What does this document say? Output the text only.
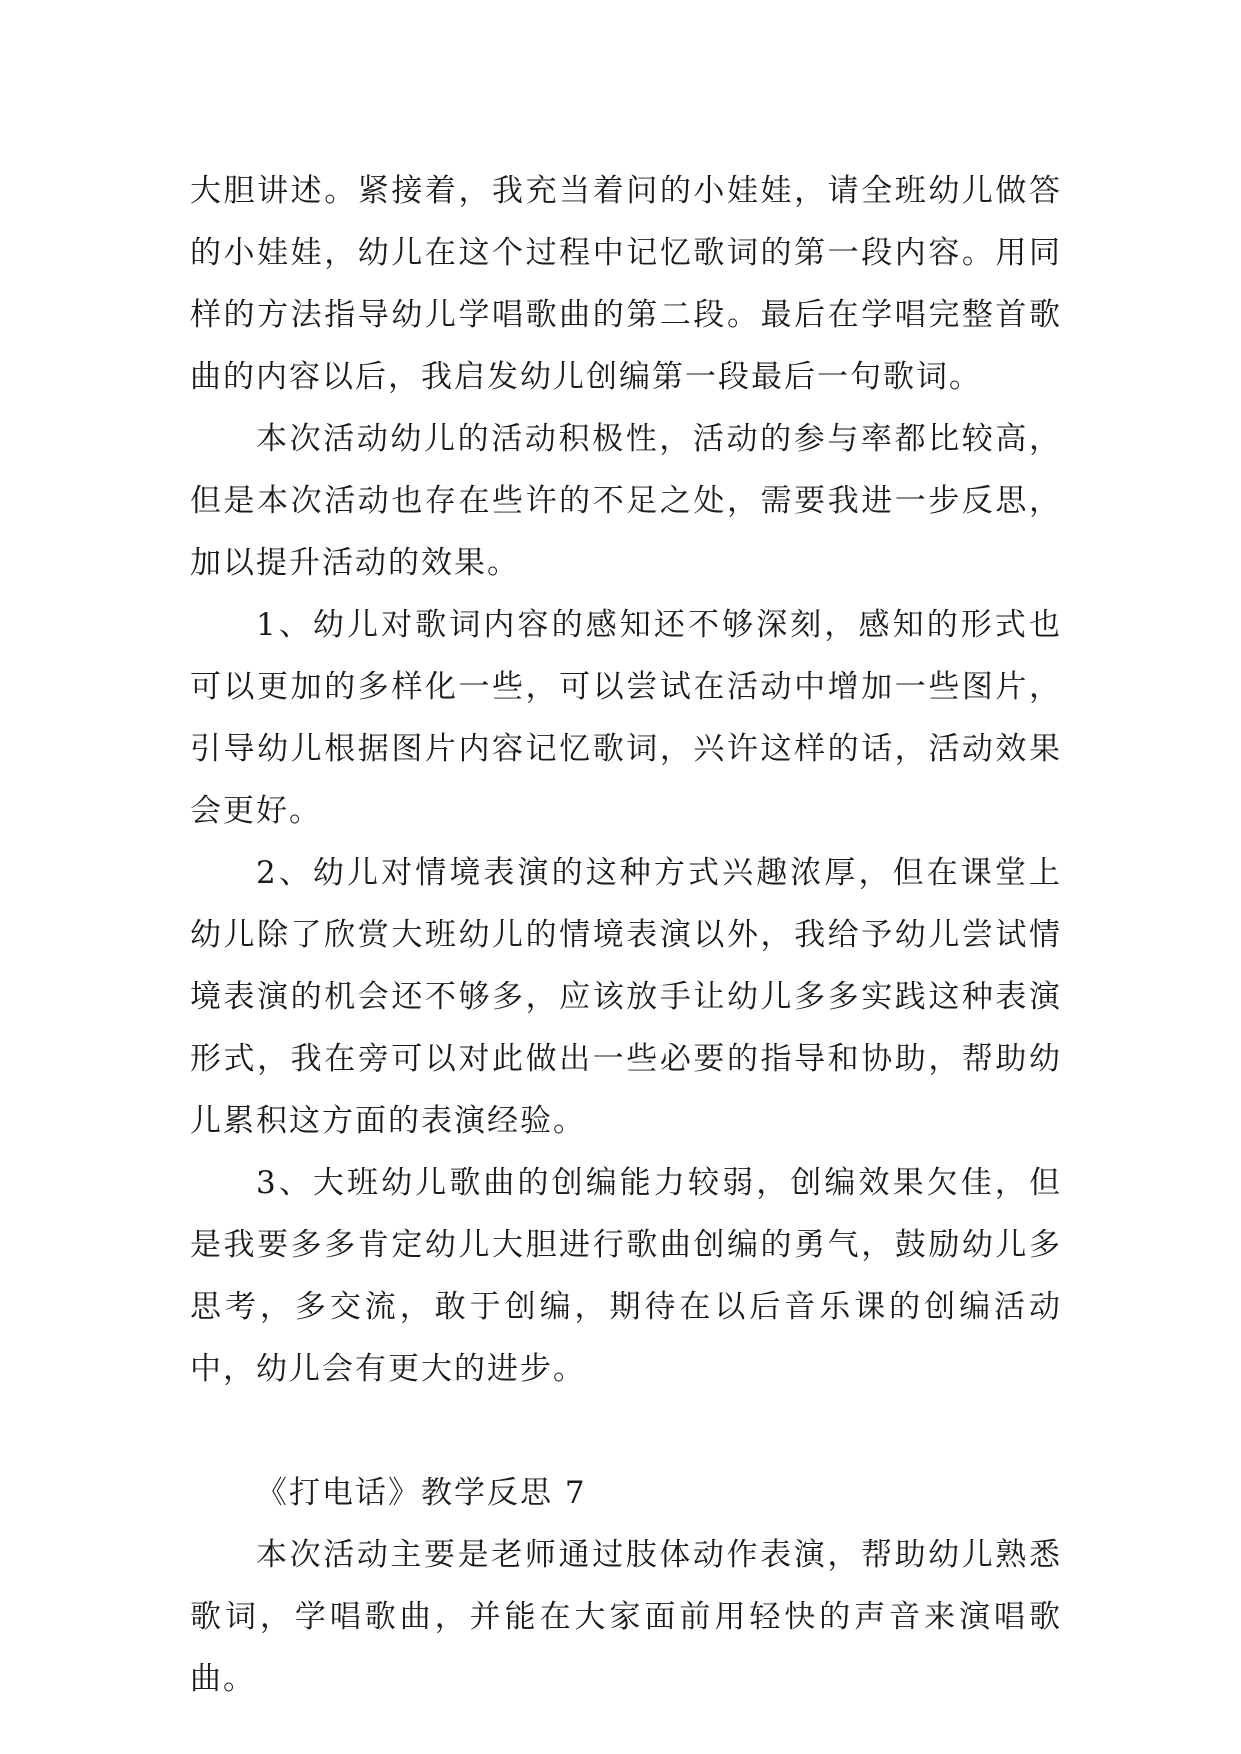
大胆讲述。紧接着，我充当着问的小娃娃，请全班幼儿做答的小娃娃，幼儿在这个过程中记忆歌词的第一段内容。用同样的方法指导幼儿学唱歌曲的第二段。最后在学唱完整首歌曲的内容以后，我启发幼儿创编第一段最后一句歌词。

本次活动幼儿的活动积极性，活动的参与率都比较高，但是本次活动也存在些许的不足之处，需要我进一步反思，加以提升活动的效果。

1、幼儿对歌词内容的感知还不够深刻，感知的形式也可以更加的多样化一些，可以尝试在活动中增加一些图片，引导幼儿根据图片内容记忆歌词，兴许这样的话，活动效果会更好。

2、幼儿对情境表演的这种方式兴趣浓厚，但在课堂上幼儿除了欣赏大班幼儿的情境表演以外，我给予幼儿尝试情境表演的机会还不够多，应该放手让幼儿多多实践这种表演形式，我在旁可以对此做出一些必要的指导和协助，帮助幼儿累积这方面的表演经验。

3、大班幼儿歌曲的创编能力较弱，创编效果欠佳，但是我要多多肯定幼儿大胆进行歌曲创编的勇气，鼓励幼儿多思考，多交流，敢于创编，期待在以后音乐课的创编活动中，幼儿会有更大的进步。

《打电话》教学反思 7

本次活动主要是老师通过肢体动作表演，帮助幼儿熟悉歌词，学唱歌曲，并能在大家面前用轻快的声音来演唱歌曲。
